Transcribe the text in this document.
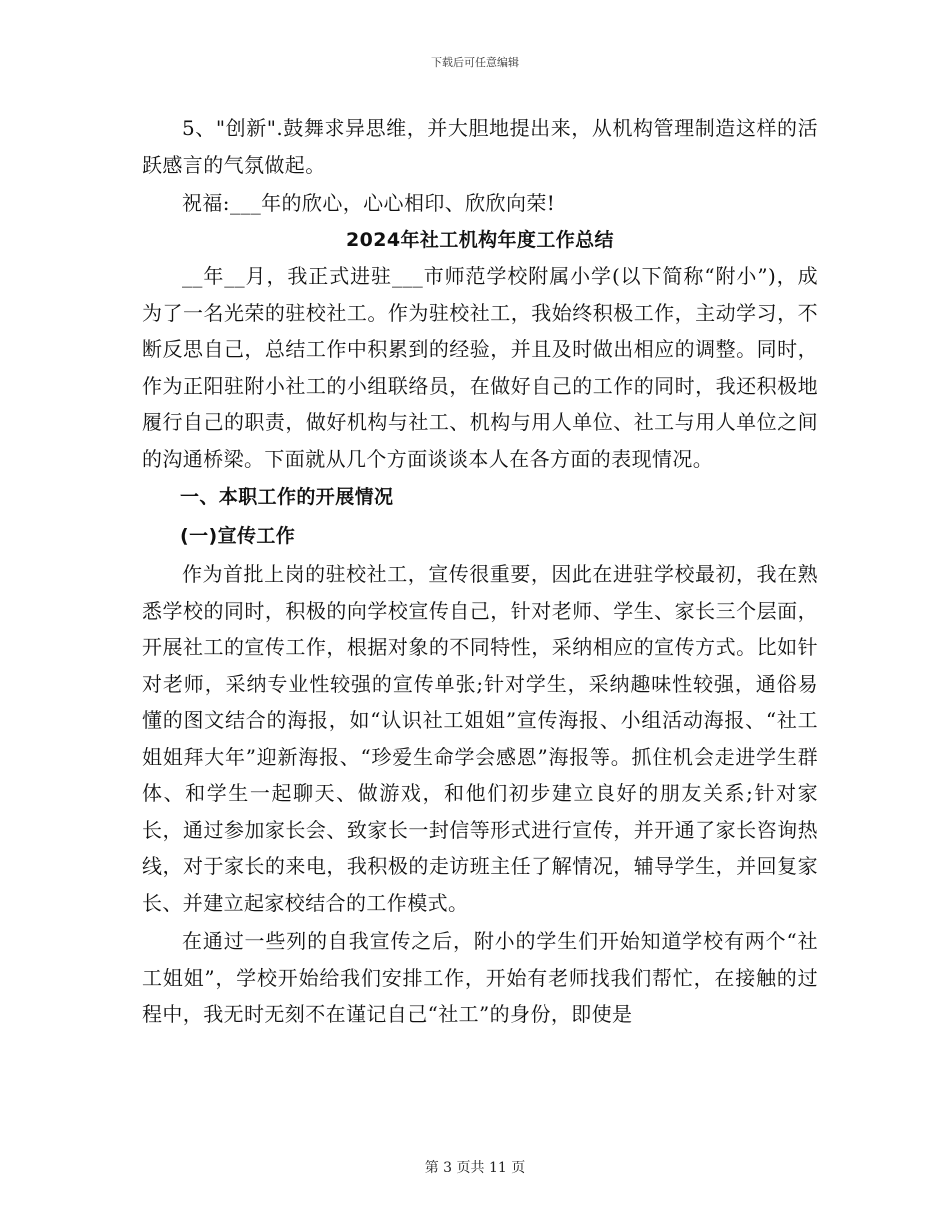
下载后可任意编辑

5、"创新".鼓舞求异思维，并大胆地提出来，从机构管理制造这样的活跃感言的气氛做起。

祝福:___年的欣心，心心相印、欣欣向荣!

2024年社工机构年度工作总结

__年__月，我正式进驻___市师范学校附属小学(以下简称“附小”)，成为了一名光荣的驻校社工。作为驻校社工，我始终积极工作，主动学习，不断反思自己，总结工作中积累到的经验，并且及时做出相应的调整。同时，作为正阳驻附小社工的小组联络员，在做好自己的工作的同时，我还积极地履行自己的职责，做好机构与社工、机构与用人单位、社工与用人单位之间的沟通桥梁。下面就从几个方面谈谈本人在各方面的表现情况。

一、本职工作的开展情况

(一)宣传工作

作为首批上岗的驻校社工，宣传很重要，因此在进驻学校最初，我在熟悉学校的同时，积极的向学校宣传自己，针对老师、学生、家长三个层面，开展社工的宣传工作，根据对象的不同特性，采纳相应的宣传方式。比如针对老师，采纳专业性较强的宣传单张;针对学生，采纳趣味性较强，通俗易懂的图文结合的海报，如“认识社工姐姐”宣传海报、小组活动海报、“社工姐姐拜大年”迎新海报、“珍爱生命学会感恩”海报等。抓住机会走进学生群体、和学生一起聊天、做游戏，和他们初步建立良好的朋友关系;针对家长，通过参加家长会、致家长一封信等形式进行宣传，并开通了家长咨询热线，对于家长的来电，我积极的走访班主任了解情况，辅导学生，并回复家长、并建立起家校结合的工作模式。

在通过一些列的自我宣传之后，附小的学生们开始知道学校有两个“社工姐姐”，学校开始给我们安排工作，开始有老师找我们帮忙，在接触的过程中，我无时无刻不在谨记自己“社工”的身份，即使是

第 3 页共 11 页
